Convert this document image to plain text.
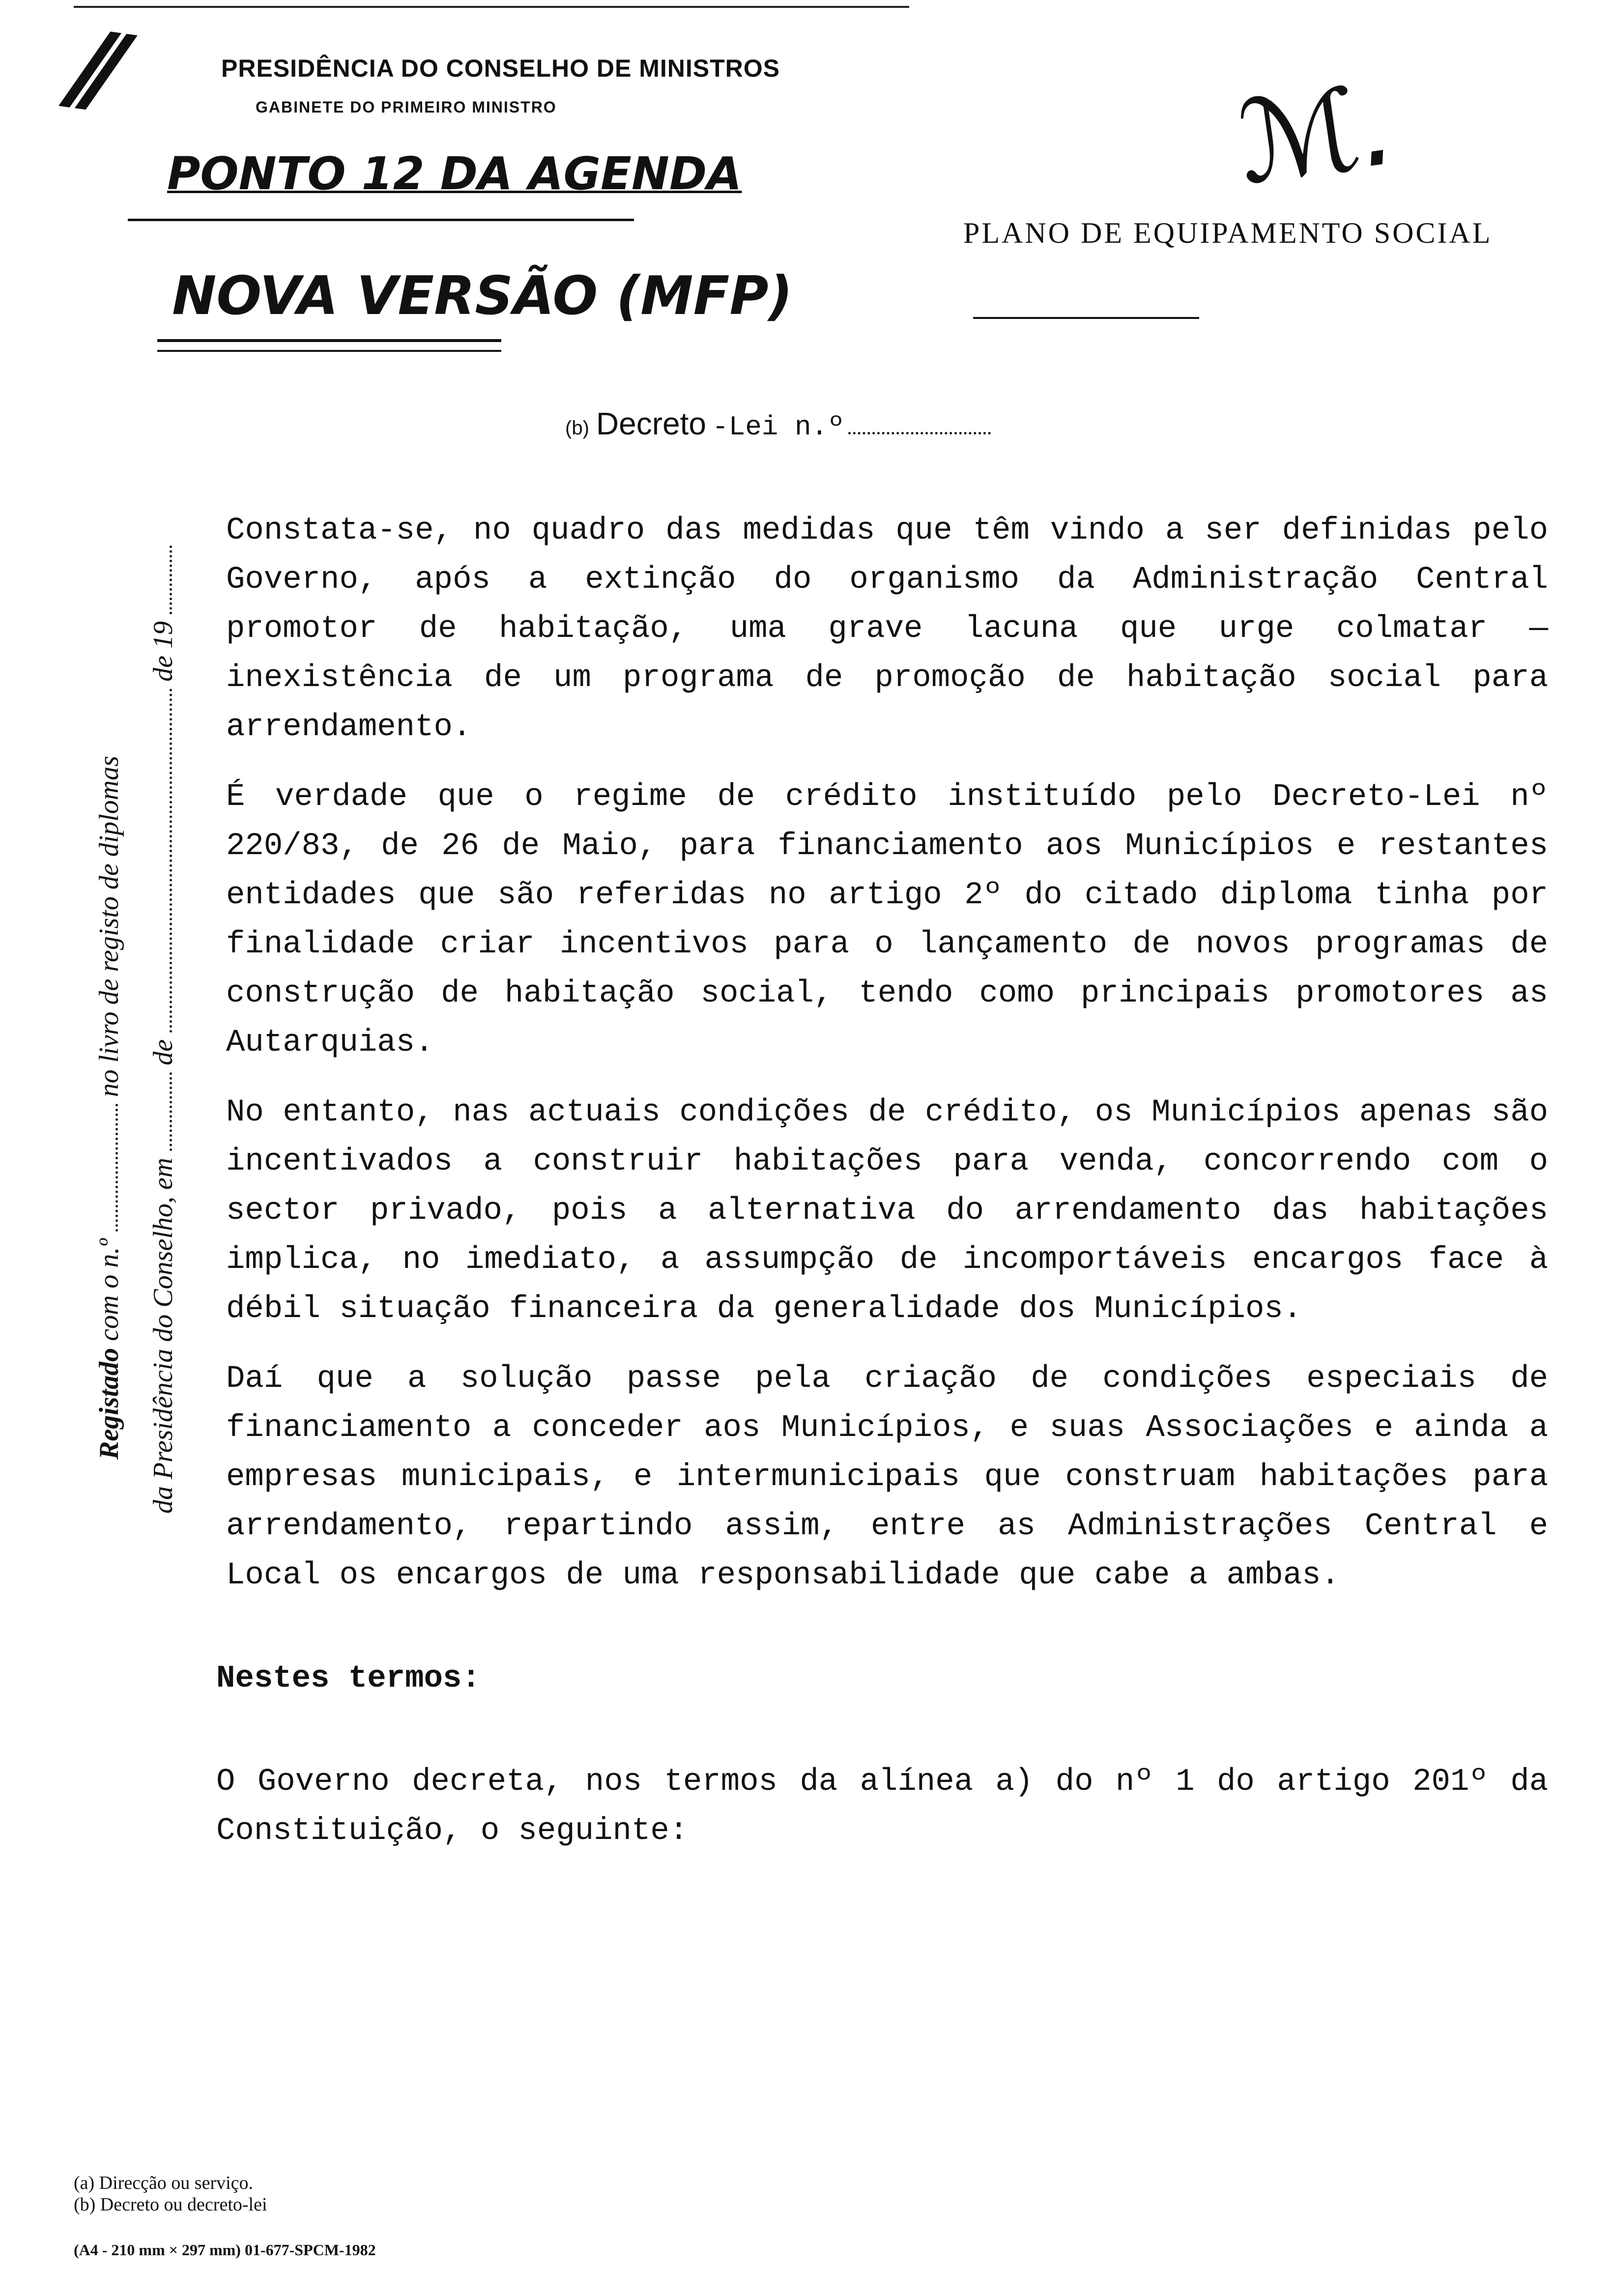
//	PRESIDÊNCIA DO CONSELHO DE MINISTROS
GABINETE DO PRIMEIRO MINISTRO
PONTO 12 DA AGENDA	ℳ.
PLANO DE EQUIPAMENTO SOCIAL
NOVA VERSÃO (MFP)
(b) Decreto -Lei n.º
Registado com o n.º  no livro de registo de diplomas
da Presidência do Conselho, em  de  de 19

Constata-se, no quadro das medidas que têm vindo a ser definidas pelo Governo, após a extinção do organismo da Administração Central promotor de habitação, uma grave lacuna que urge colmatar — inexistência de um programa de promoção de habitação social para arrendamento.

É verdade que o regime de crédito instituído pelo Decreto-Lei nº 220/83, de 26 de Maio, para financiamento aos Municípios e restantes entidades que são referidas no artigo 2º do citado diploma tinha por finalidade criar incentivos para o lançamento de novos programas de construção de habitação social, tendo como principais promotores as Autarquias.

No entanto, nas actuais condições de crédito, os Municípios apenas são incentivados a construir habitações para venda, concorrendo com o sector privado, pois a alternativa do arrendamento das habitações implica, no imediato, a assumpção de incomportáveis encargos face à débil situação financeira da generalidade dos Municípios.

Daí que a solução passe pela criação de condições especiais de financiamento a conceder aos Municípios, e suas Associações e ainda a empresas municipais, e intermunicipais que construam habitações para arrendamento, repartindo assim, entre as Administrações Central e Local os encargos de uma responsabilidade que cabe a ambas.

Nestes termos:

O Governo decreta, nos termos da alínea a) do nº 1 do artigo 201º da Constituição, o seguinte:

(a) Direcção ou serviço.
(b) Decreto ou decreto-lei
(A4 - 210 mm × 297 mm) 01-677-SPCM-1982
